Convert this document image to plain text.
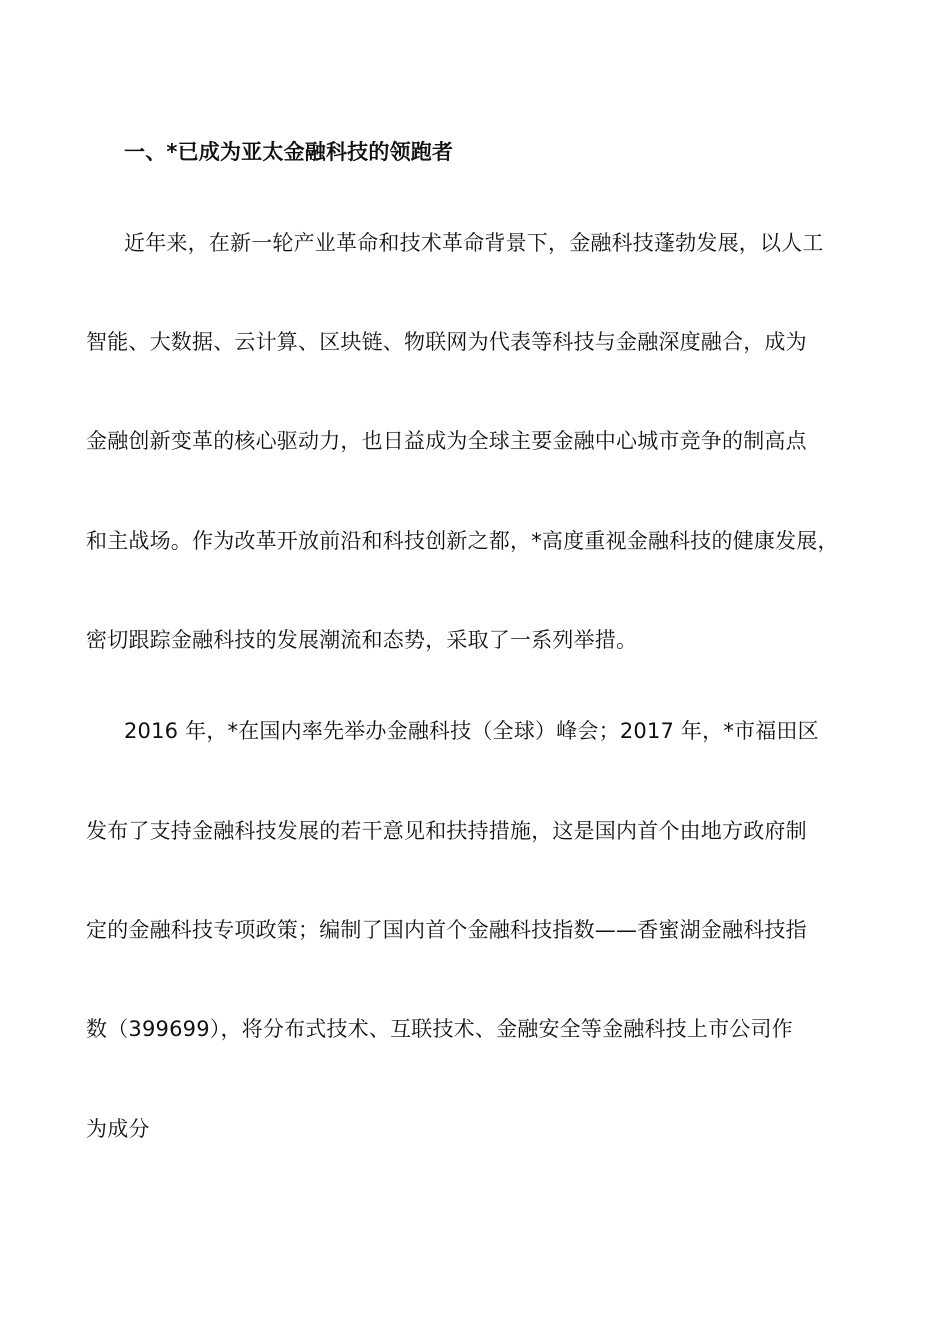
一、*已成为亚太金融科技的领跑者
近年来，在新一轮产业革命和技术革命背景下，金融科技蓬勃发展，以人工
智能、大数据、云计算、区块链、物联网为代表等科技与金融深度融合，成为
金融创新变革的核心驱动力，也日益成为全球主要金融中心城市竞争的制高点
和主战场。作为改革开放前沿和科技创新之都，*高度重视金融科技的健康发展，
密切跟踪金融科技的发展潮流和态势，采取了一系列举措。
2016 年，*在国内率先举办金融科技（全球）峰会；2017 年，*市福田区
发布了支持金融科技发展的若干意见和扶持措施，这是国内首个由地方政府制
定的金融科技专项政策；编制了国内首个金融科技指数——香蜜湖金融科技指
数（399699），将分布式技术、互联技术、金融安全等金融科技上市公司作
为成分
